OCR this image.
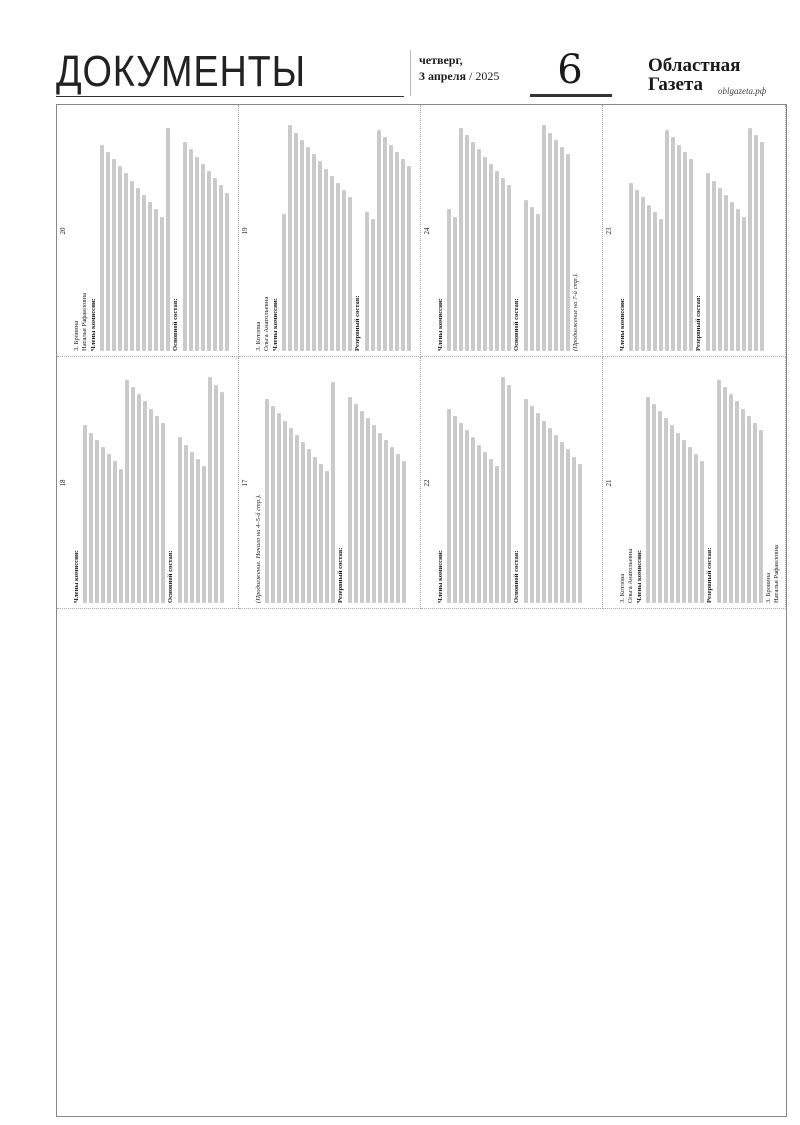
ДОКУМЕНТЫ	четверг,
3 апреля / 2025	6	Областная
Газета	oblgazeta.рф
20
3. Бровина Наталья Рафаиловна Члены комиссии:	Основной состав:
19
3. Котлова Ольга Анатольевна Члены комиссии:	Резервный состав:
18
Члены комиссии:	Основной состав:
17
(Продолжение. Начало на 4–5-й стр.).	Резервный состав:
24
Члены комиссии:	Основной состав:	(Продолжение на 7-й стр.).
23
Члены комиссии:	Резервный состав:
22
Члены комиссии:	Основной состав:
21
3. Котлова Ольга Анатольевна Члены комиссии:	Резервный состав:	3. Бровина Наталья Рафаиловна
